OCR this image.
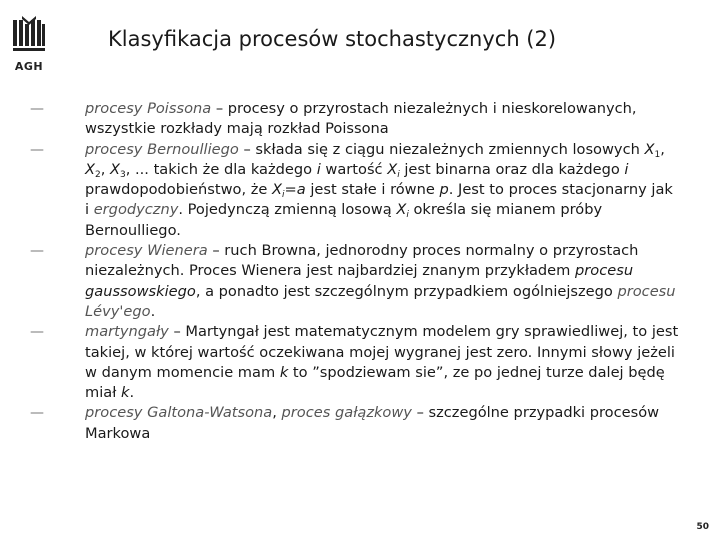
AGH
Klasyfikacja procesów stochastycznych (2)
—	procesy Poissona – procesy o przyrostach niezależnych i nieskorelowanych, wszystkie rozkłady mają rozkład Poissona
—	procesy Bernoulliego – składa się z ciągu niezależnych zmiennych losowych $X_1$, $X_2$, $X_3$, ... takich że dla każdego i wartość $X_i$ jest binarna oraz dla każdego i prawdopodobieństwo, że $X_i=a$ jest stałe i równe p. Jest to proces stacjonarny jak i ergodyczny. Pojedynczą zmienną losową $X_i$ określa się mianem próby Bernoulliego.
—	procesy Wienera – ruch Browna, jednorodny proces normalny o przyrostach niezależnych. Proces Wienera jest najbardziej znanym przykładem procesu gaussowskiego, a ponadto jest szczególnym przypadkiem ogólniejszego procesu Lévy'ego.
—	martyngały – Martyngał jest matematycznym modelem gry sprawiedliwej, to jest takiej, w której wartość oczekiwana mojej wygranej jest zero. Innymi słowy jeżeli w danym momencie mam k to ”spodziewam sie”, ze po jednej turze dalej będę miał k.
—	procesy Galtona-Watsona, proces gałązkowy – szczególne przypadki procesów Markowa
50
